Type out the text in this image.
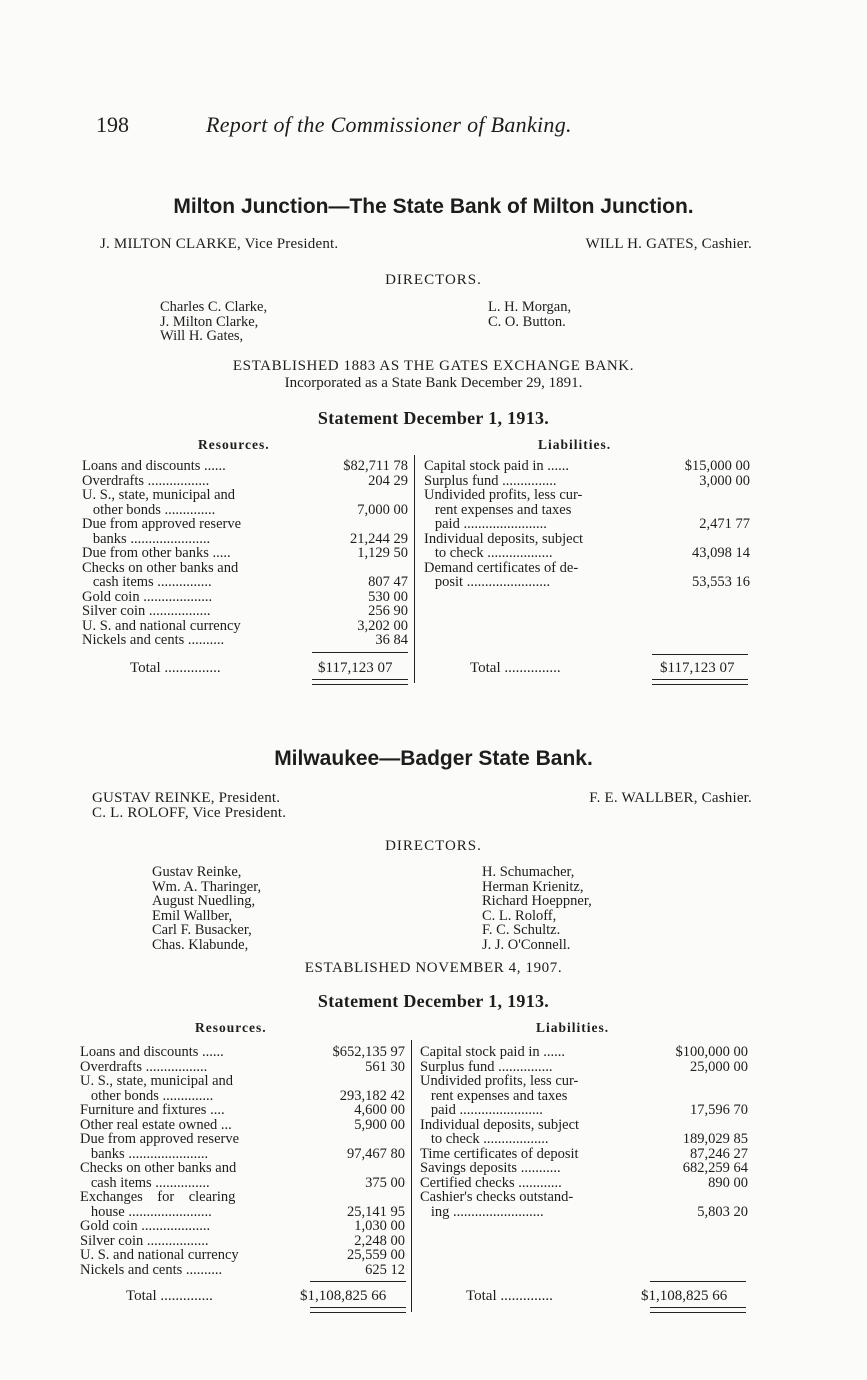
198	Report of the Commissioner of Banking.
Milton Junction—The State Bank of Milton Junction.
J. MILTON CLARKE, Vice President.	WILL H. GATES, Cashier.
DIRECTORS.
Charles C. Clarke,
J. Milton Clarke,
Will H. Gates,
L. H. Morgan,
C. O. Button.
ESTABLISHED 1883 AS THE GATES EXCHANGE BANK.
Incorporated as a State Bank December 29, 1891.
Statement December 1, 1913.
Resources.	Liabilities.
Loans and discounts ......	$82,711 78
Overdrafts .................	204 29
U. S., state, municipal and
other bonds ..............	7,000 00
Due from approved reserve
banks ......................	21,244 29
Due from other banks .....	1,129 50
Checks on other banks and
cash items ...............	807 47
Gold coin ...................	530 00
Silver coin .................	256 90
U. S. and national currency	3,202 00
Nickels and cents ..........	36 84
Capital stock paid in ......	$15,000 00
Surplus fund ...............	3,000 00
Undivided profits, less cur-
rent expenses and taxes
paid .......................	2,471 77
Individual deposits, subject
to check ..................	43,098 14
Demand certificates of de-
posit .......................	53,553 16
Total ...............	$117,123 07	Total ...............	$117,123 07
Milwaukee—Badger State Bank.
GUSTAV REINKE, President.
C. L. ROLOFF, Vice President.
F. E. WALLBER, Cashier.
DIRECTORS.
Gustav Reinke,
Wm. A. Tharinger,
August Nuedling,
Emil Wallber,
Carl F. Busacker,
Chas. Klabunde,
H. Schumacher,
Herman Krienitz,
Richard Hoeppner,
C. L. Roloff,
F. C. Schultz.
J. J. O'Connell.
ESTABLISHED NOVEMBER 4, 1907.
Statement December 1, 1913.
Resources.	Liabilities.
Loans and discounts ......	$652,135 97
Overdrafts .................	561 30
U. S., state, municipal and
other bonds ..............	293,182 42
Furniture and fixtures ....	4,600 00
Other real estate owned ...	5,900 00
Due from approved reserve
banks ......................	97,467 80
Checks on other banks and
cash items ...............	375 00
Exchanges    for    clearing
house .......................	25,141 95
Gold coin ...................	1,030 00
Silver coin .................	2,248 00
U. S. and national currency	25,559 00
Nickels and cents ..........	625 12
Capital stock paid in ......	$100,000 00
Surplus fund ...............	25,000 00
Undivided profits, less cur-
rent expenses and taxes
paid .......................	17,596 70
Individual deposits, subject
to check ..................	189,029 85
Time certificates of deposit	87,246 27
Savings deposits ...........	682,259 64
Certified checks ............	890 00
Cashier's checks outstand-
ing .........................	5,803 20
Total ..............	$1,108,825 66	Total ..............	$1,108,825 66
